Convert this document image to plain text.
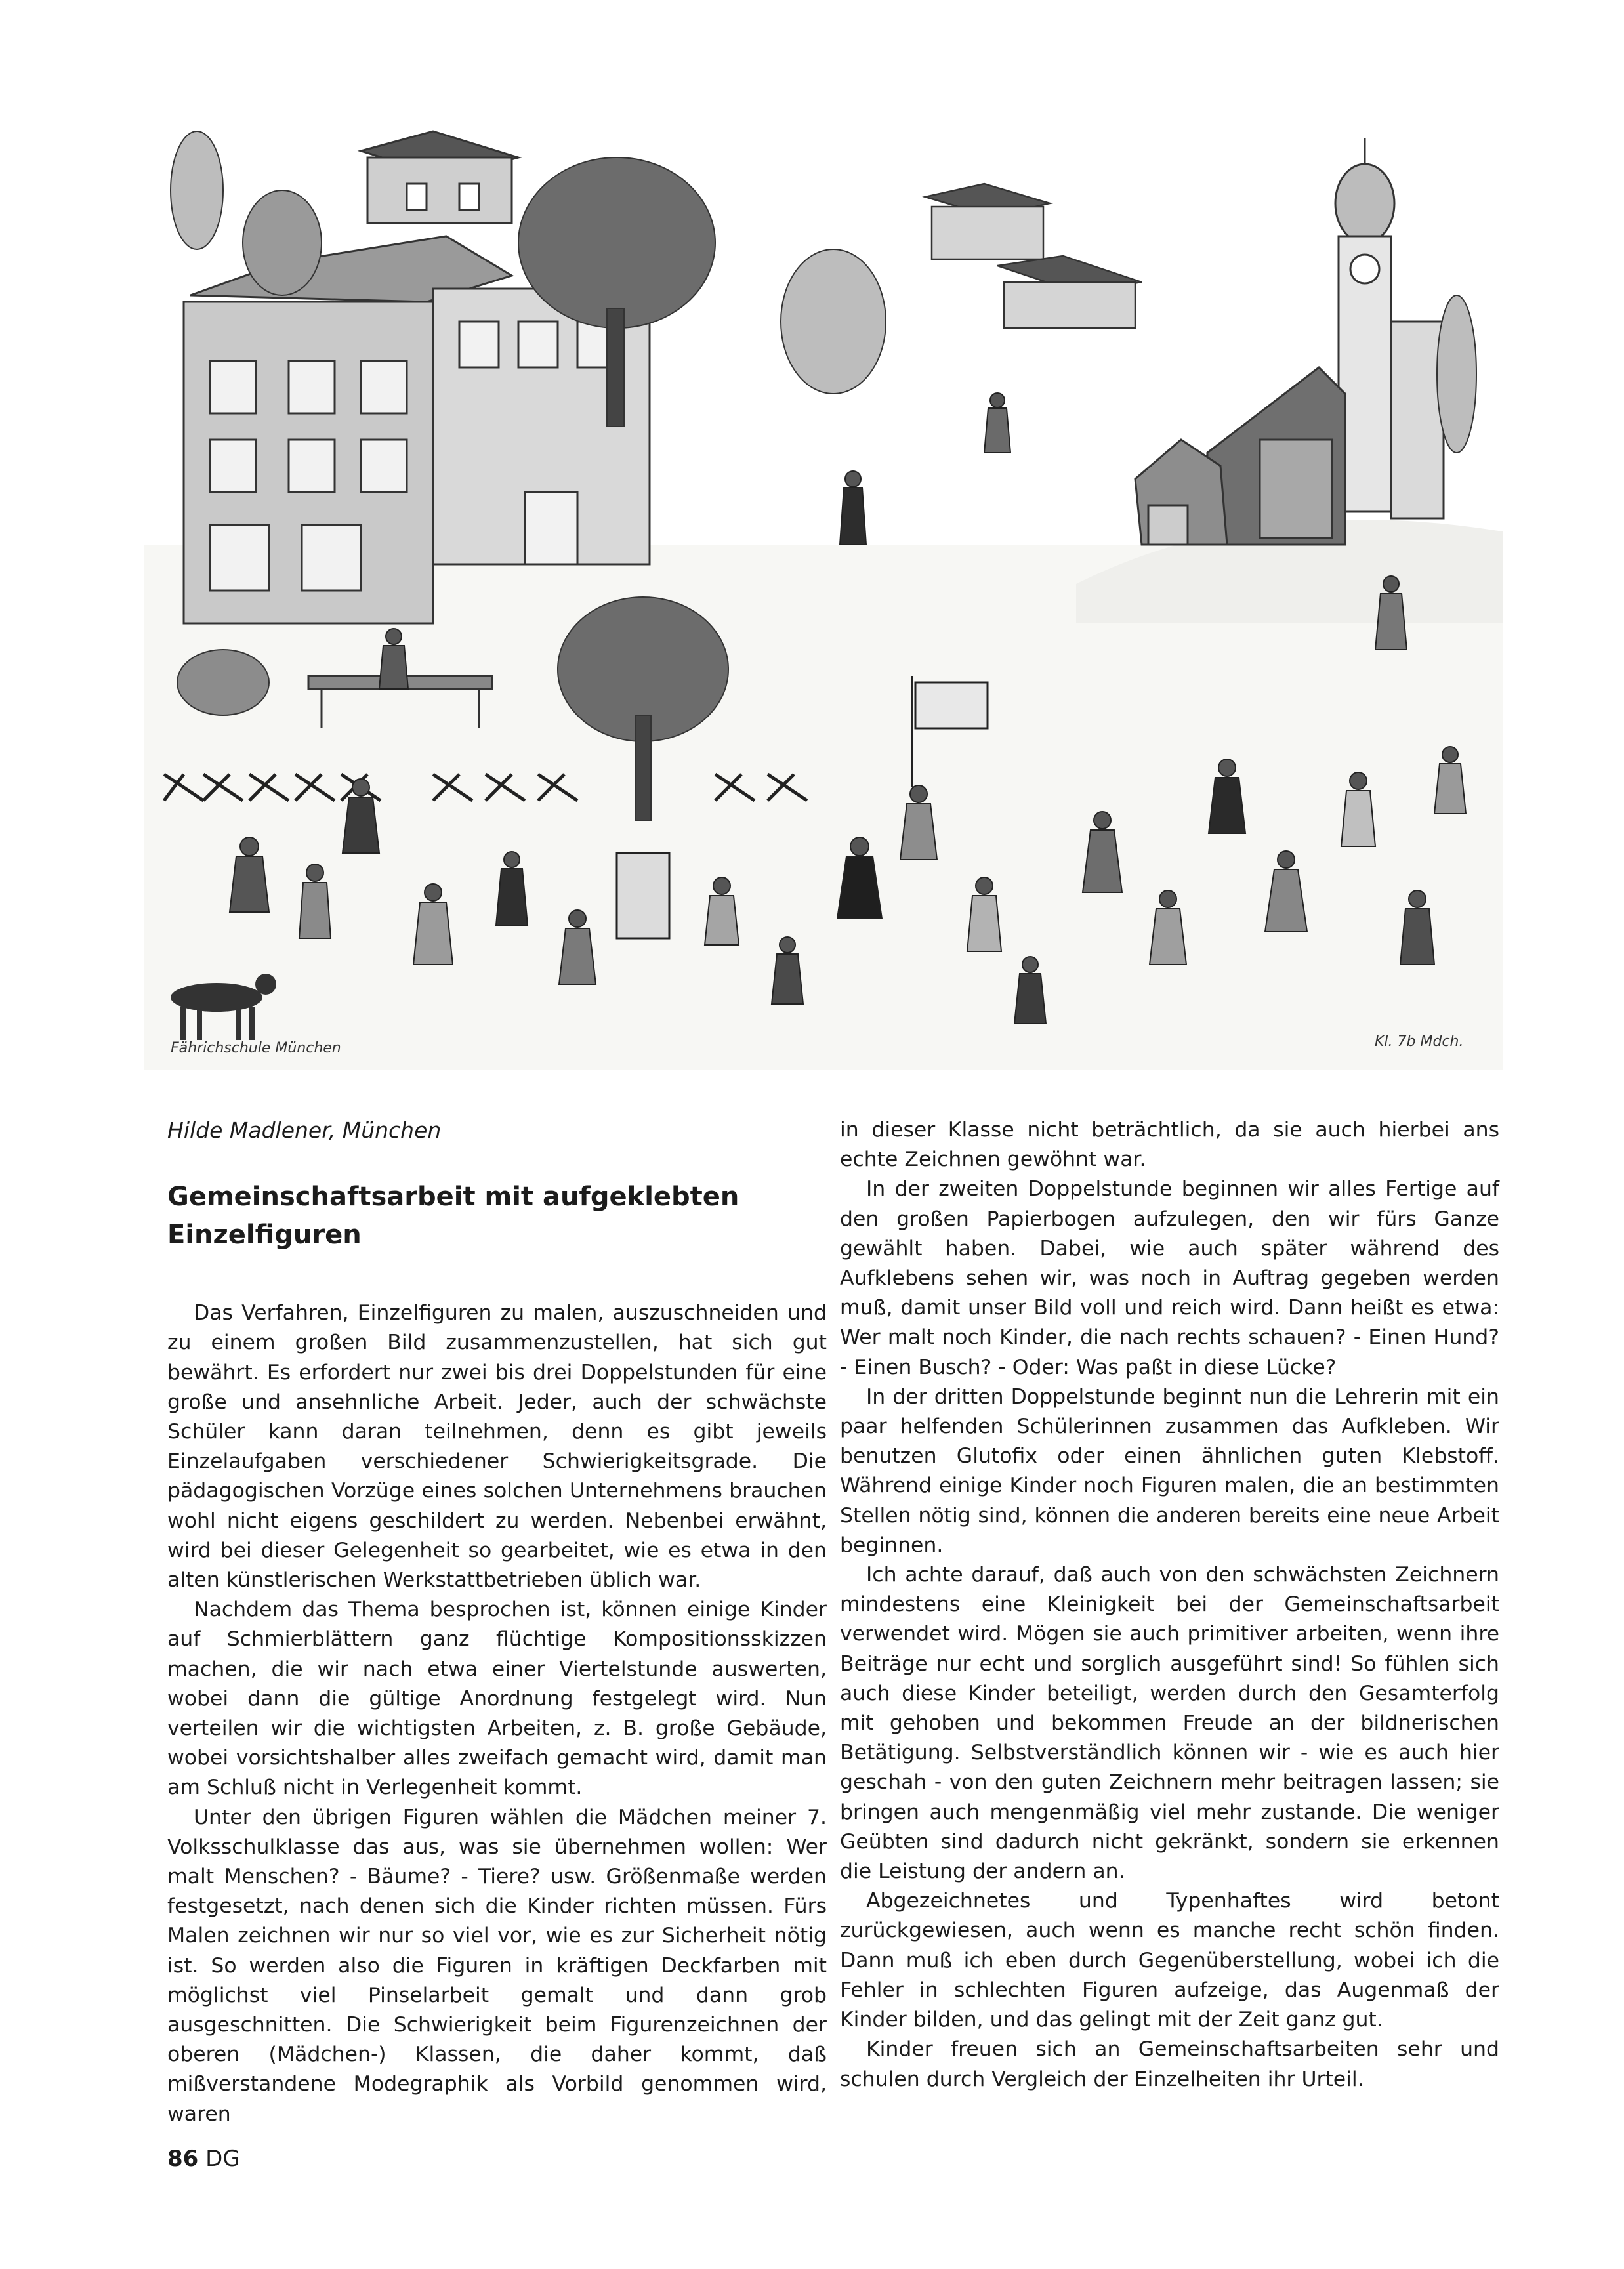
Fährichschule München	Kl. 7b Mdch.

Hilde Madlener, München

Gemeinschaftsarbeit mit aufgeklebten Einzelfiguren

Das Verfahren, Einzelfiguren zu malen, auszuschneiden und zu einem großen Bild zusammenzustellen, hat sich gut bewährt. Es erfordert nur zwei bis drei Doppelstunden für eine große und ansehnliche Arbeit. Jeder, auch der schwächste Schüler kann daran teilnehmen, denn es gibt jeweils Einzelaufgaben verschiedener Schwierigkeitsgrade. Die pädagogischen Vorzüge eines solchen Unternehmens brauchen wohl nicht eigens geschildert zu werden. Nebenbei erwähnt, wird bei dieser Gelegenheit so gearbeitet, wie es etwa in den alten künstlerischen Werkstattbetrieben üblich war.

Nachdem das Thema besprochen ist, können einige Kinder auf Schmierblättern ganz flüchtige Kompositionsskizzen machen, die wir nach etwa einer Viertelstunde auswerten, wobei dann die gültige Anordnung festgelegt wird. Nun verteilen wir die wichtigsten Arbeiten, z. B. große Gebäude, wobei vorsichtshalber alles zweifach gemacht wird, damit man am Schluß nicht in Verlegenheit kommt.

Unter den übrigen Figuren wählen die Mädchen meiner 7. Volksschulklasse das aus, was sie übernehmen wollen: Wer malt Menschen? - Bäume? - Tiere? usw. Größenmaße werden festgesetzt, nach denen sich die Kinder richten müssen. Fürs Malen zeichnen wir nur so viel vor, wie es zur Sicherheit nötig ist. So werden also die Figuren in kräftigen Deckfarben mit möglichst viel Pinselarbeit gemalt und dann grob ausgeschnitten. Die Schwierigkeit beim Figurenzeichnen der oberen (Mädchen-) Klassen, die daher kommt, daß mißverstandene Modegraphik als Vorbild genommen wird, waren

in dieser Klasse nicht beträchtlich, da sie auch hierbei ans echte Zeichnen gewöhnt war.

In der zweiten Doppelstunde beginnen wir alles Fertige auf den großen Papierbogen aufzulegen, den wir fürs Ganze gewählt haben. Dabei, wie auch später während des Aufklebens sehen wir, was noch in Auftrag gegeben werden muß, damit unser Bild voll und reich wird. Dann heißt es etwa: Wer malt noch Kinder, die nach rechts schauen? - Einen Hund? - Einen Busch? - Oder: Was paßt in diese Lücke?

In der dritten Doppelstunde beginnt nun die Lehrerin mit ein paar helfenden Schülerinnen zusammen das Aufkleben. Wir benutzen Glutofix oder einen ähnlichen guten Klebstoff. Während einige Kinder noch Figuren malen, die an bestimmten Stellen nötig sind, können die anderen bereits eine neue Arbeit beginnen.

Ich achte darauf, daß auch von den schwächsten Zeichnern mindestens eine Kleinigkeit bei der Gemeinschaftsarbeit verwendet wird. Mögen sie auch primitiver arbeiten, wenn ihre Beiträge nur echt und sorglich ausgeführt sind! So fühlen sich auch diese Kinder beteiligt, werden durch den Gesamterfolg mit gehoben und bekommen Freude an der bildnerischen Betätigung. Selbstverständlich können wir - wie es auch hier geschah - von den guten Zeichnern mehr beitragen lassen; sie bringen auch mengenmäßig viel mehr zustande. Die weniger Geübten sind dadurch nicht gekränkt, sondern sie erkennen die Leistung der andern an.

Abgezeichnetes und Typenhaftes wird betont zurückgewiesen, auch wenn es manche recht schön finden. Dann muß ich eben durch Gegenüberstellung, wobei ich die Fehler in schlechten Figuren aufzeige, das Augenmaß der Kinder bilden, und das gelingt mit der Zeit ganz gut.

Kinder freuen sich an Gemeinschaftsarbeiten sehr und schulen durch Vergleich der Einzelheiten ihr Urteil.

86 DG
